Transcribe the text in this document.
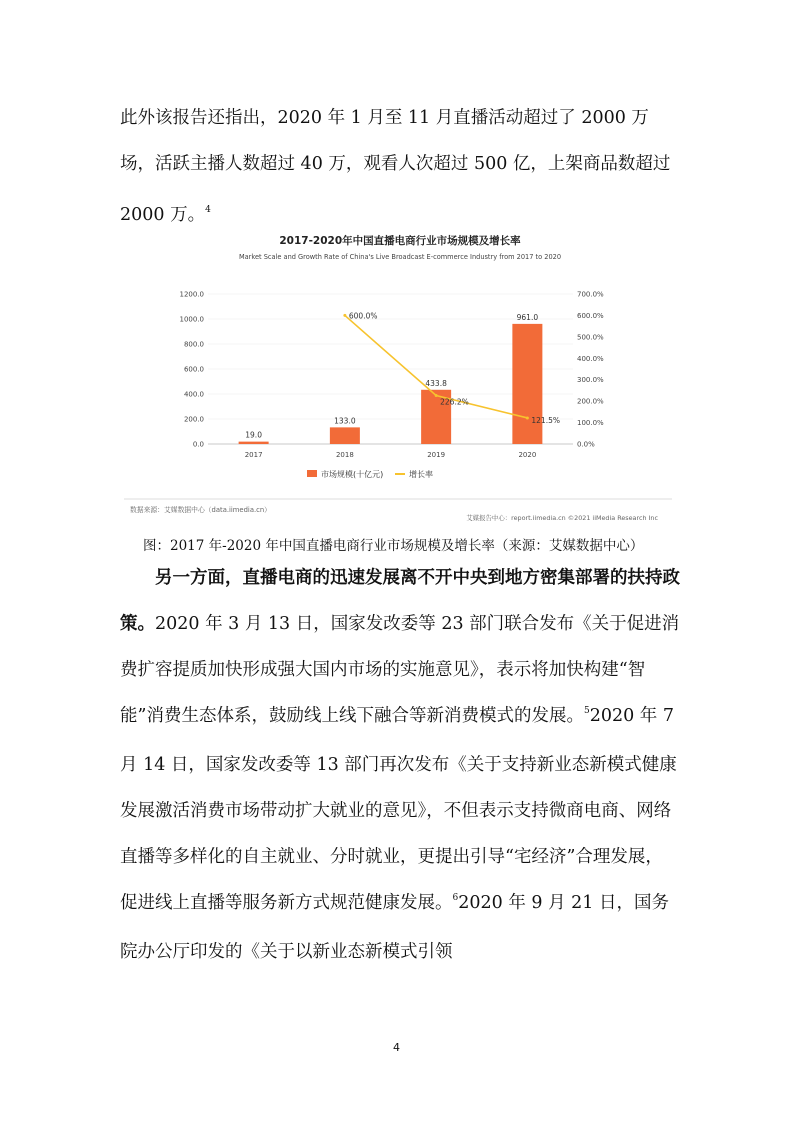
此外该报告还指出，2020 年 1 月至 11 月直播活动超过了 2000 万场，活跃主播人数超过 40 万，观看人次超过 500 亿，上架商品数超过 2000 万。$^4$

2017-2020年中国直播电商行业市场规模及增长率
Market Scale and Growth Rate of China's Live Broadcast E-commerce Industry from 2017 to 2020
0.0
200.0
400.0
600.0
800.0
1000.0
1200.0
0.0%
100.0%
200.0%
300.0%
400.0%
500.0%
600.0%
700.0%
2017	2018	2019	2020
19.0
133.0
433.8
961.0
600.0%
226.2%
121.5%
市场规模(十亿元)	增长率
数据来源：艾媒数据中心（data.iimedia.cn）
艾媒报告中心：report.iimedia.cn ©2021 iiMedia Research Inc
图：2017 年-2020 年中国直播电商行业市场规模及增长率（来源：艾媒数据中心）

另一方面，直播电商的迅速发展离不开中央到地方密集部署的扶持政策。2020 年 3 月 13 日，国家发改委等 23 部门联合发布《关于促进消费扩容提质加快形成强大国内市场的实施意见》，表示将加快构建“智能”消费生态体系，鼓励线上线下融合等新消费模式的发展。$^5$2020 年 7 月 14 日，国家发改委等 13 部门再次发布《关于支持新业态新模式健康发展激活消费市场带动扩大就业的意见》，不但表示支持微商电商、网络直播等多样化的自主就业、分时就业，更提出引导“宅经济”合理发展，促进线上直播等服务新方式规范健康发展。$^6$2020 年 9 月 21 日，国务院办公厅印发的《关于以新业态新模式引领

4
